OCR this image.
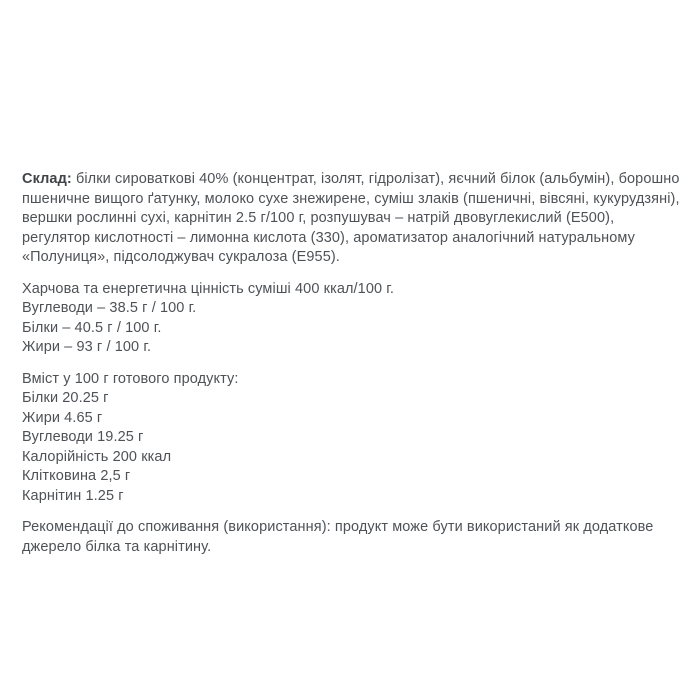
Склад: білки сироваткові 40% (концентрат, ізолят, гідролізат), яєчний білок (альбумін), борошно пшеничне вищого ґатунку, молоко сухе знежирене, суміш злаків (пшеничні, вівсяні, кукурудзяні), вершки рослинні сухі, карнітин 2.5 г/100 г, розпушувач – натрій двовуглекислий (Е500), регулятор кислотності – лимонна кислота (330), ароматизатор аналогічний натуральному «Полуниця», підсолоджувач сукралоза (Е955).

Харчова та енергетична цінність суміші 400 ккал/100 г.
Вуглеводи – 38.5 г / 100 г.
Білки – 40.5 г / 100 г.
Жири – 93 г / 100 г.
Вміст у 100 г готового продукту:
Білки 20.25 г
Жири 4.65 г
Вуглеводи 19.25 г
Калорійність 200 ккал
Клітковина 2,5 г
Карнітин 1.25 г

Рекомендації до споживання (використання): продукт може бути використаний як додаткове джерело білка та карнітину.
